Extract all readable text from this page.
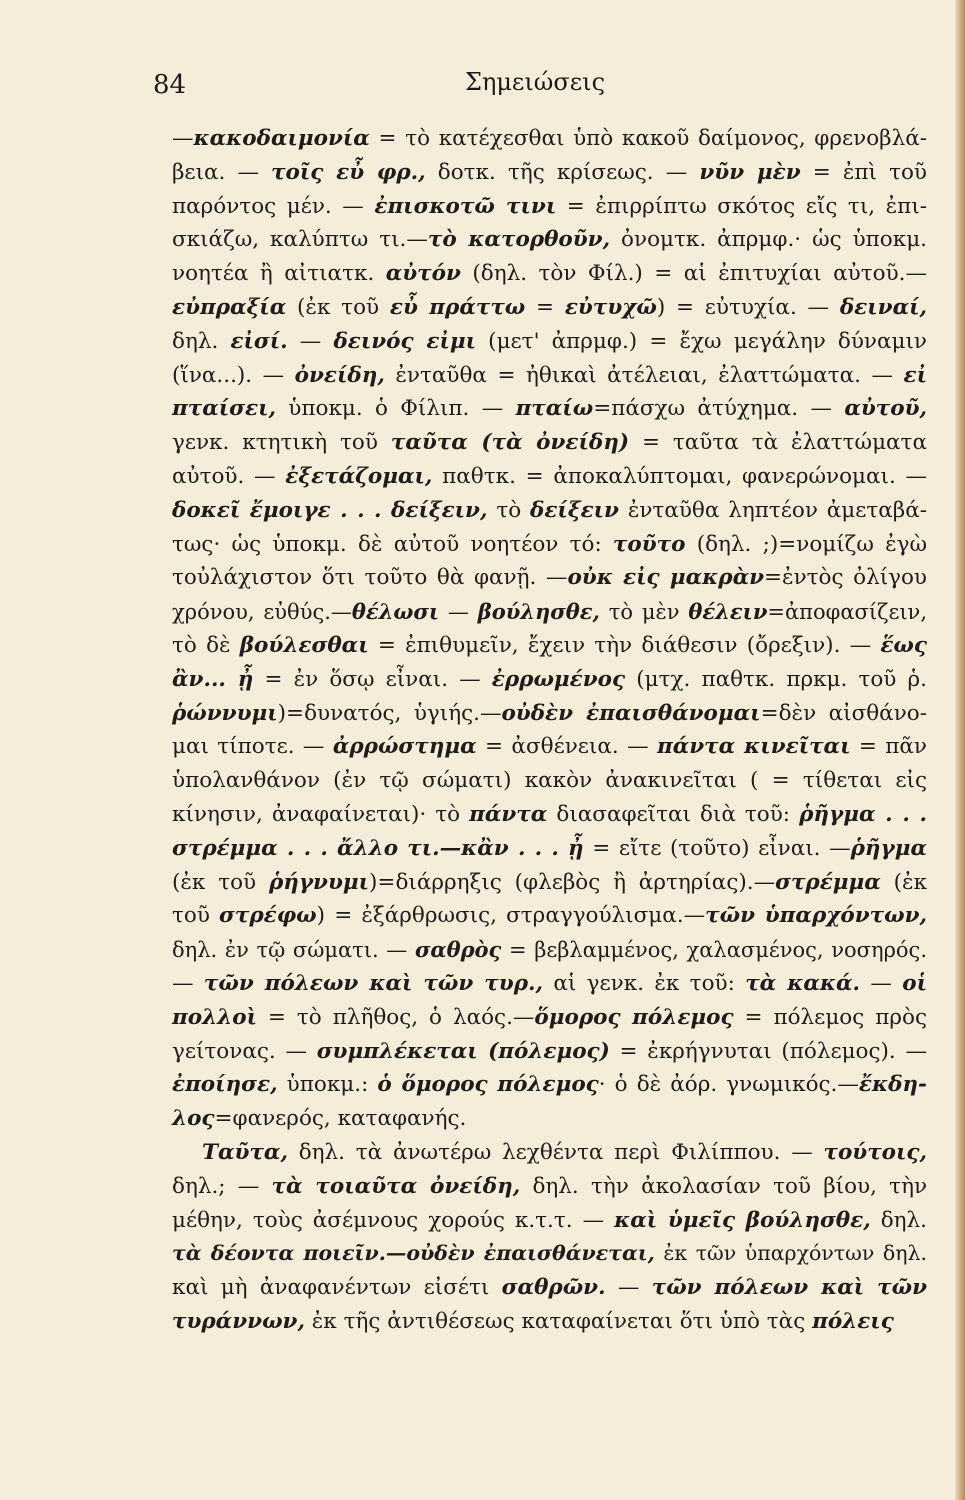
84	Σημειώσεις
—κακοδαιμονία = τὸ κατέχεσθαι ὑπὸ κακοῦ δαίμονος, φρενοβλά-
βεια. — τοῖς εὖ φρ., δοτκ. τῆς κρίσεως. — νῦν μὲν = ἐπὶ τοῦ
παρόντος μέν. — ἐπισκοτῶ τινι = ἐπιρρίπτω σκότος εἴς τι, ἐπι-
σκιάζω, καλύπτω τι.—τὸ κατορθοῦν, ὀνομτκ. ἀπρμφ.· ὡς ὑποκμ.
νοητέα ἢ αἰτιατκ. αὐτόν (δηλ. τὸν Φίλ.) = αἱ ἐπιτυχίαι αὐτοῦ.—
εὐπραξία (ἐκ τοῦ εὖ πράττω = εὐτυχῶ) = εὐτυχία. — δειναί,
δηλ. εἰσί. — δεινός εἰμι (μετ' ἀπρμφ.) = ἔχω μεγάλην δύναμιν
(ἵνα...). — ὀνείδη, ἐνταῦθα = ἠθικαὶ ἀτέλειαι, ἐλαττώματα. — εἰ
πταίσει, ὑποκμ. ὁ Φίλιπ. — πταίω=πάσχω ἀτύχημα. — αὐτοῦ,
γενκ. κτητικὴ τοῦ ταῦτα (τὰ ὀνείδη) = ταῦτα τὰ ἐλαττώματα
αὐτοῦ. — ἐξετάζομαι, παθτκ. = ἀποκαλύπτομαι, φανερώνομαι. —
δοκεῖ ἔμοιγε . . . δείξειν, τὸ δείξειν ἐνταῦθα ληπτέον ἀμεταβά-
τως· ὡς ὑποκμ. δὲ αὐτοῦ νοητέον τό: τοῦτο (δηλ. ;)=νομίζω ἐγὼ
τοὐλάχιστον ὅτι τοῦτο θὰ φανῇ. —οὐκ εἰς μακρὰν=ἐντὸς ὀλίγου
χρόνου, εὐθύς.—θέλωσι — βούλησθε, τὸ μὲν θέλειν=ἀποφασίζειν,
τὸ δὲ βούλεσθαι = ἐπιθυμεῖν, ἔχειν τὴν διάθεσιν (ὄρεξιν). — ἕως
ἂν... ᾖ = ἐν ὅσῳ εἶναι. — ἐρρωμένος (μτχ. παθτκ. πρκμ. τοῦ ῥ.
ῥώννυμι)=δυνατός, ὑγιής.—οὐδὲν ἐπαισθάνομαι=δὲν αἰσθάνο-
μαι τίποτε. — ἀρρώστημα = ἀσθένεια. — πάντα κινεῖται = πᾶν
ὑπολανθάνον (ἐν τῷ σώματι) κακὸν ἀνακινεῖται ( = τίθεται εἰς
κίνησιν, ἀναφαίνεται)· τὸ πάντα διασαφεῖται διὰ τοῦ: ῥῆγμα . . .
στρέμμα . . . ἄλλο τι.—κἂν . . . ᾖ = εἴτε (τοῦτο) εἶναι. —ῥῆγμα
(ἐκ τοῦ ῥήγνυμι)=διάρρηξις (φλεβὸς ἢ ἀρτηρίας).—στρέμμα (ἐκ
τοῦ στρέφω) = ἐξάρθρωσις, στραγγούλισμα.—τῶν ὑπαρχόντων,
δηλ. ἐν τῷ σώματι. — σαθρὸς = βεβλαμμένος, χαλασμένος, νοσηρός.
— τῶν πόλεων καὶ τῶν τυρ., αἱ γενκ. ἐκ τοῦ: τὰ κακά. — οἱ
πολλοὶ = τὸ πλῆθος, ὁ λαός.—ὅμορος πόλεμος = πόλεμος πρὸς
γείτονας. — συμπλέκεται (πόλεμος) = ἐκρήγνυται (πόλεμος). —
ἐποίησε, ὑποκμ.: ὁ ὅμορος πόλεμος· ὁ δὲ ἀόρ. γνωμικός.—ἔκδη-
λος=φανερός, καταφανής.
Ταῦτα, δηλ. τὰ ἀνωτέρω λεχθέντα περὶ Φιλίππου. — τούτοις,
δηλ.; — τὰ τοιαῦτα ὀνείδη, δηλ. τὴν ἀκολασίαν τοῦ βίου, τὴν
μέθην, τοὺς ἀσέμνους χορούς κ.τ.τ. — καὶ ὑμεῖς βούλησθε, δηλ.
τὰ δέοντα ποιεῖν.—οὐδὲν ἐπαισθάνεται, ἐκ τῶν ὑπαρχόντων δηλ.
καὶ μὴ ἀναφανέντων εἰσέτι σαθρῶν. — τῶν πόλεων καὶ τῶν
τυράννων, ἐκ τῆς ἀντιθέσεως καταφαίνεται ὅτι ὑπὸ τὰς πόλεις
